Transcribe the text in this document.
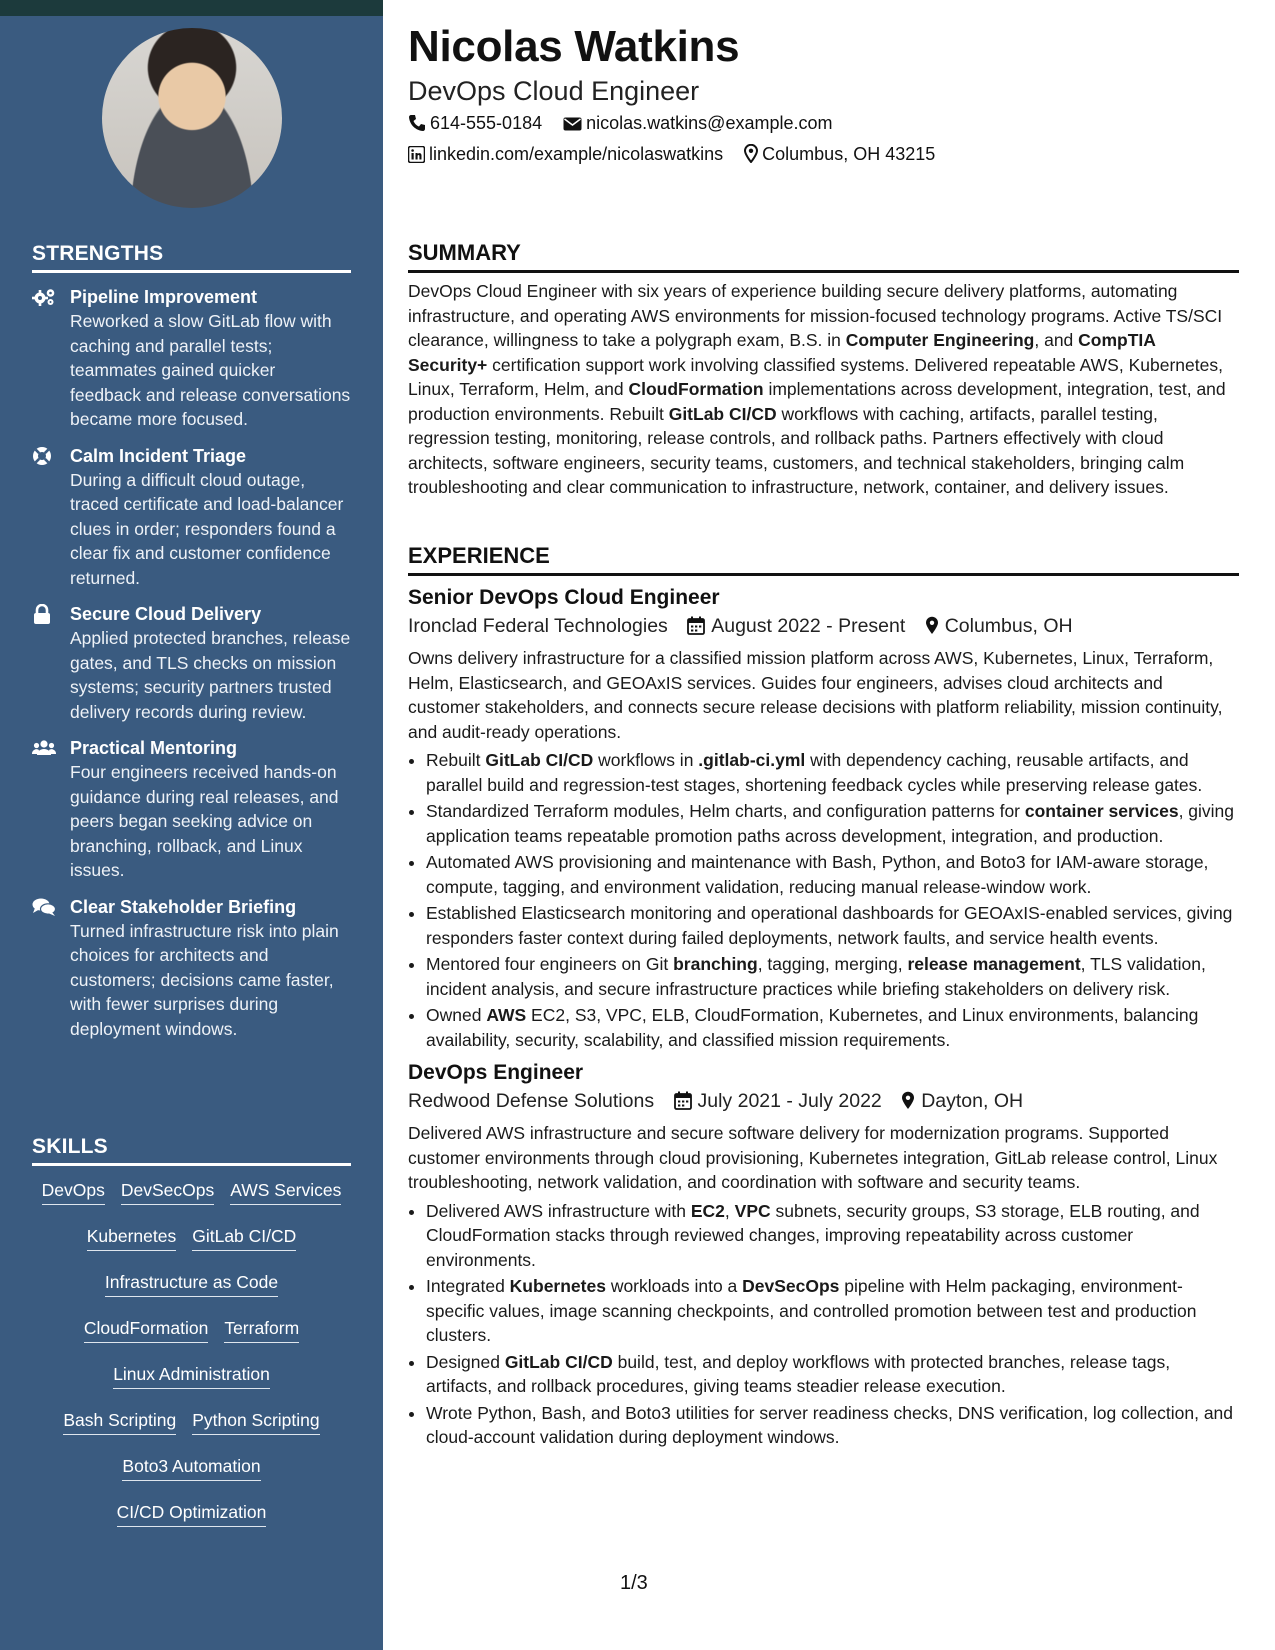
STRENGTHS
Pipeline Improvement
Reworked a slow GitLab flow with caching and parallel tests; teammates gained quicker feedback and release conversations became more focused.
Calm Incident Triage
During a difficult cloud outage, traced certificate and load-balancer clues in order; responders found a clear fix and customer confidence returned.
Secure Cloud Delivery
Applied protected branches, release gates, and TLS checks on mission systems; security partners trusted delivery records during review.
Practical Mentoring
Four engineers received hands-on guidance during real releases, and peers began seeking advice on branching, rollback, and Linux issues.
Clear Stakeholder Briefing
Turned infrastructure risk into plain choices for architects and customers; decisions came faster, with fewer surprises during deployment windows.
SKILLS
DevOps DevSecOps AWS Services
Kubernetes GitLab CI/CD
Infrastructure as Code
CloudFormation Terraform
Linux Administration
Bash Scripting Python Scripting
Boto3 Automation
CI/CD Optimization
Nicolas Watkins
DevOps Cloud Engineer
614-555-0184 nicolas.watkins@example.com
linkedin.com/example/nicolaswatkins Columbus, OH 43215
SUMMARY

DevOps Cloud Engineer with six years of experience building secure delivery platforms, automating infrastructure, and operating AWS environments for mission-focused technology programs. Active TS/SCI clearance, willingness to take a polygraph exam, B.S. in Computer Engineering, and CompTIA Security+ certification support work involving classified systems. Delivered repeatable AWS, Kubernetes, Linux, Terraform, Helm, and CloudFormation implementations across development, integration, test, and production environments. Rebuilt GitLab CI/CD workflows with caching, artifacts, parallel testing, regression testing, monitoring, release controls, and rollback paths. Partners effectively with cloud architects, software engineers, security teams, customers, and technical stakeholders, bringing calm troubleshooting and clear communication to infrastructure, network, container, and delivery issues.

EXPERIENCE
Senior DevOps Cloud Engineer
Ironclad Federal Technologies August 2022 - Present Columbus, OH

Owns delivery infrastructure for a classified mission platform across AWS, Kubernetes, Linux, Terraform, Helm, Elasticsearch, and GEOAxIS services. Guides four engineers, advises cloud architects and customer stakeholders, and connects secure release decisions with platform reliability, mission continuity, and audit-ready operations.

• Rebuilt GitLab CI/CD workflows in .gitlab-ci.yml with dependency caching, reusable artifacts, and parallel build and regression-test stages, shortening feedback cycles while preserving release gates.
• Standardized Terraform modules, Helm charts, and configuration patterns for container services, giving application teams repeatable promotion paths across development, integration, and production.
• Automated AWS provisioning and maintenance with Bash, Python, and Boto3 for IAM-aware storage, compute, tagging, and environment validation, reducing manual release-window work.
• Established Elasticsearch monitoring and operational dashboards for GEOAxIS-enabled services, giving responders faster context during failed deployments, network faults, and service health events.
• Mentored four engineers on Git branching, tagging, merging, release management, TLS validation, incident analysis, and secure infrastructure practices while briefing stakeholders on delivery risk.
• Owned AWS EC2, S3, VPC, ELB, CloudFormation, Kubernetes, and Linux environments, balancing availability, security, scalability, and classified mission requirements.
DevOps Engineer
Redwood Defense Solutions July 2021 - July 2022 Dayton, OH

Delivered AWS infrastructure and secure software delivery for modernization programs. Supported customer environments through cloud provisioning, Kubernetes integration, GitLab release control, Linux troubleshooting, network validation, and coordination with software and security teams.

• Delivered AWS infrastructure with EC2, VPC subnets, security groups, S3 storage, ELB routing, and CloudFormation stacks through reviewed changes, improving repeatability across customer environments.
• Integrated Kubernetes workloads into a DevSecOps pipeline with Helm packaging, environment-specific values, image scanning checkpoints, and controlled promotion between test and production clusters.
• Designed GitLab CI/CD build, test, and deploy workflows with protected branches, release tags, artifacts, and rollback procedures, giving teams steadier release execution.
• Wrote Python, Bash, and Boto3 utilities for server readiness checks, DNS verification, log collection, and cloud-account validation during deployment windows.
1/3
